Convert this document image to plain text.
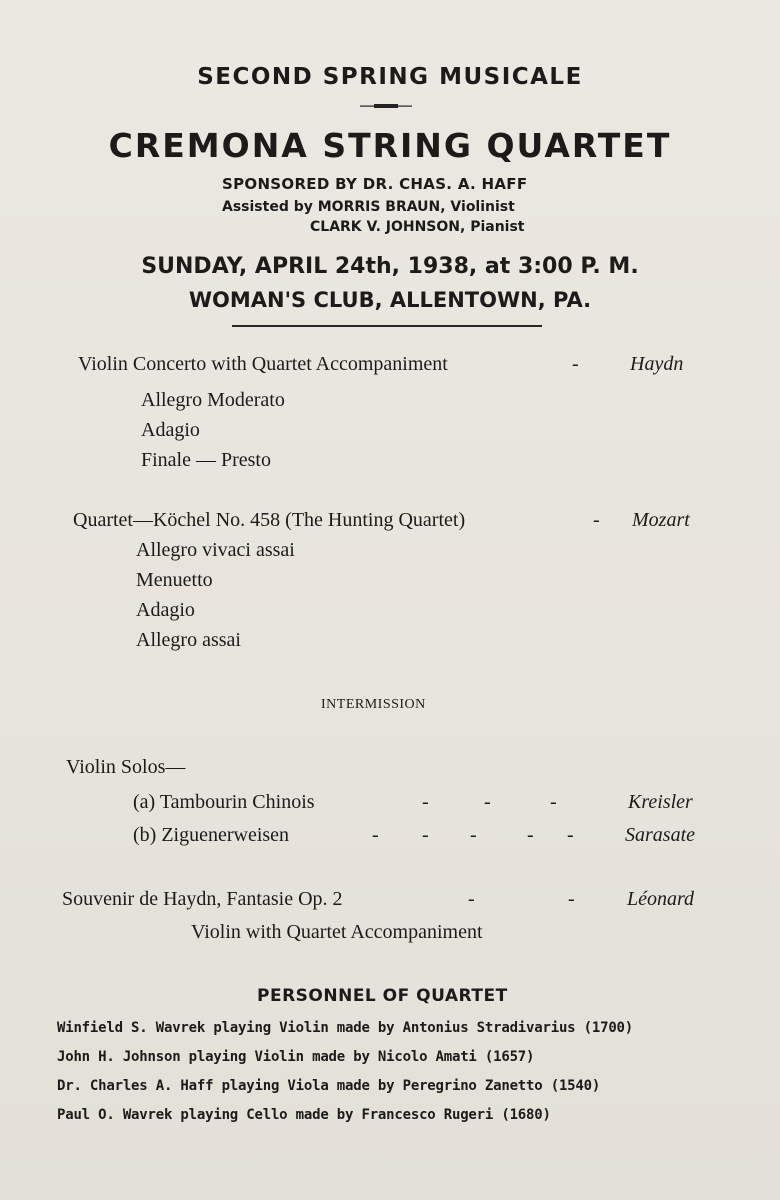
SECOND SPRING MUSICALE
CREMONA STRING QUARTET
SPONSORED BY DR. CHAS. A. HAFF
Assisted by MORRIS BRAUN, Violinist
CLARK V. JOHNSON, Pianist
SUNDAY, APRIL 24th, 1938, at 3:00 P. M.
WOMAN'S CLUB, ALLENTOWN, PA.
Violin Concerto with Quartet Accompaniment	-	Haydn
Allegro Moderato
Adagio
Finale — Presto
Quartet—Köchel No. 458 (The Hunting Quartet)	- Mozart
Allegro vivaci assai
Menuetto
Adagio
Allegro assai
INTERMISSION
Violin Solos—
(a) Tambourin Chinois	-	-	-	Kreisler
(b) Ziguenerweisen	- - -	- -	Sarasate
Souvenir de Haydn, Fantasie Op. 2	-	-	Léonard
Violin with Quartet Accompaniment
PERSONNEL OF QUARTET
Winfield S. Wavrek playing Violin made by Antonius Stradivarius (1700)
John H. Johnson playing Violin made by Nicolo Amati (1657)
Dr. Charles A. Haff playing Viola made by Peregrino Zanetto (1540)
Paul O. Wavrek playing Cello made by Francesco Rugeri (1680)
